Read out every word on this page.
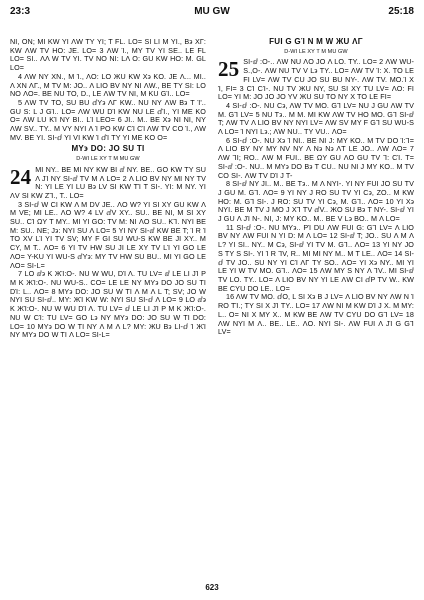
23:3	MU GW	25:18

NI, ON; MI KW YI ΛW TΥ YI; T FL. LO= SI LI M YI., B϶ XΓ: KW ΛW TV HO: JE. LO= 3 ΛW Ί., MY TV YI SE.. LE FL LO= SI.. ΛΛ W TV YI. TV NO NΙ: LΛ O: GU KW HO: M. GL LO=

4 ΛW NY XN., M Ί., ΛO: LO ЖU KW X϶ KO. JE Λ... MI.. Λ XN ΛΓ., M TV M: JO.. Λ LIO BV NY NI ΛW., BE TY SI: LO NO ΛO=. BE NU TO, D., LE ΛW TV NI, M KU GΊ.. LO=

5 ΛW TV TO, SU BU ⅆY϶ ΛΓ KW.. NU NY ΛW B϶ T Ί'.. GU S: L J GΊ.. LO= ΛW WU DΊ KW NU LE ⅆΊ., YI ME KO O= ΛW LU KΊ NY BI.. LΊ LEO= 6 JI.. M.. BE X϶ NI NI, NY ΛW SV.. TY.. M VY NYI Λ Ί PO KW CΊ CΊ ΛW TV CO Ί., ΛW MV. BE YI. SI-ⅆ YI VI KW Ί ⅆΊ TY YI ME KO O=

MY϶ DO: JO SU TI
D-WI LE XY T M MU GW
24 MI NY.. BE MI NY KW BI ⅆ NY. BE.. GO KW TY SU Λ JΊ NY SI-ⅆ TV M Λ LO= 2 Λ LIO BV NY MI NY TV N: YI LE YI LU B϶ LV SI KW TΊ T SI-. YI: M NY. YI ΛV SI KW Z⅂., T.. LO=

3 SI-ⅆ W CI KW Λ M DV JE.. ΛO W? YI SI XY GU KW Λ M VE; MI LE.. ΛO W? 4 LV ⅆV XY.. SU.. BE NI, M SI XY SU.. CΊ ΩY T MY.. MI YI GO: TV M: NI ΛO SU.. K⅂. NYI BE M: SU.. NE; J϶: NYI SU Λ LO= 5 YI NY SI-ⅆ KW BE T; Ί R Ί TO XV LΊ YI TV SV; MY F GI SU WU-S KW BE JI XY.. M CY, M T.. ΛO= 6 YI TV HW SU JI LE XY TV LΊ YI GO LE ΛO= Y-KU YI WU-S ⅆY϶: MY TV HW SU BU.. MI YI GO LE ΛO= SI-L=

7 LO ⅆ϶ K ЖΊ:O-. NU W WU, DΊ Λ. TU LV= ⅆ LE LI JΊ P M K ЖΊ:O-. NU WU-S.. CO= LE LE NY MY϶ DO JO SU TI DΊ: L.. ΛO= 8 MY϶ DO: JO SU W TI Λ M Λ L T; SV; JO W NYI SU SI-ⅆ.. MY: ЖΊ KW W: NYI SU SI-ⅆ Λ LO= 9 LO ⅆ϶ K ЖΊ:O-. NU W WU DΊ Λ. TU LV= ⅆ LE LI JΊ P M K ЖΊ:O-. NU W CΊ: TU LV= GO L϶ NY MY϶ DO: JO SU W TI DO: LO= 10 MY϶ DO W TI NY Λ M Λ L? MY: ЖU B϶ LI-ⅆ Ί ЖΊ NY MY϶ DO W TI Λ LO= SI-L=

FUI G GΊ N M W ЖU ΛΓ
D-WI LE XY T M MU GW
25 SI-ⅆ :O-.. ΛW NU ΛO JO Λ LO. TY.. LO= 2 ΛW WU-S.,O-. ΛW NU TV V L϶ TY.. LO= ΛW TV Ί: X. TO LE FI LV= ΛW TV CU JO SU BU NY-. ΛW TV. MO.Ί X Ί, FI= 3 CΊ CΊ-. NU TV ЖU NY, SU SI XY TU LV= ΛO: FI LO= YI M: JO JO JO YV ЖU SU TO NY X TO LE FI=

4 SI-ⅆ :O-. NU C϶, ΛW TV MO. G⅂ LV= NU J GU ΛW TV M. G⅂ LV= 5 NU T϶.. M M. MI KW ΛW TV HO MO. G⅂ SI-ⅆ T; ΛW TV Λ LIO BV NY NYI LV= ΛW SV MY F G⅂ SU WU-S Λ LO= Ί NYI L϶.; ΛW NU.. TY VU.. ΛO=

6 SI-ⅆ :O-. NU X϶ Ί NI.. BE NI J: MY KO.. M TV DO Ί:⅂= Λ LIO BY NY MY NV NY Λ N϶ N϶ ΛT LE JO.. ΛW ΛO= 7 ΛW ⅂I; RO.. ΛW M FUI.. BE ΩY GU ΛO GU TV ⅂: CΊ. T= SI-ⅆ :O-. NU.. M MY϶ DO B϶ T CU.. NU NI J MY KO.. M TV CO SI-. ΛW TV DΊ J T-

8 SI-ⅆ NY JI.. M.. BE T϶.. M Λ NYI-. YI NY FUI JO SU TV J GU M. G⅂. ΛO= 9 YI NY J RO SU TV YI C϶, ZO.. M KW HO: M. G⅂ SI-. J RO: SU TV YI C϶, M. G⅂.. ΛO= 10 YI X϶ NYI. BE M TV J MO J X⅂ TV ⅆV.. ЖO SU B϶ T NY-. SI-ⅆ YI J GU Λ JΊ N-. NI, J: MY KO.. M.. BE V L϶ BO.. M Λ LO=

11 SI-ⅆ :O-. NU MY϶.. PΊ DU ΛW FUI G: G⅂ LV= Λ LIO BV NY ΛW FUI N YI D: M Λ LO= 12 SI-ⅆ T; JO.. SU Λ M Λ L? YI SI.. NY.. M C϶, SI-ⅆ YI TV M. G⅂.. ΛO= 13 YI NY JO S TY S SI-. YI Ί R ⅂V, R.. MI MI NY M.. M T LE.. ΛO= 14 SI-ⅆ TV JO.. SU NY YI CΊ ΛΓ TY SO.. ΛO= YI X϶ NY.. MI YI LE YI W TV MO. G⅂.. ΛO= 15 ΛW MY S NY Λ ⅂V.. MI SI-ⅆ TV LO. TY.. LO= Λ LIO BV NY YI LE ΛW CI ⅆP TV W.. KW BE CYU DO LE.. LO=

16 ΛW TV MO. ⅆO, L SI X϶ B J LV= Λ LIO BV NY ΛW N Ί RO TΊ.; TY SI X JΊ TY.. LO= 17 ΛW NI M KW DΊ J X. M MY: L.. O= NI X MY X.. M KW BE ΛW TV CYU DO G⅂ LV= 18 ΛW NYI M Λ.. BE.. LE.. ΛO. NYI SI-. ΛW FUI Λ JΊ G G⅂ LV=

623
